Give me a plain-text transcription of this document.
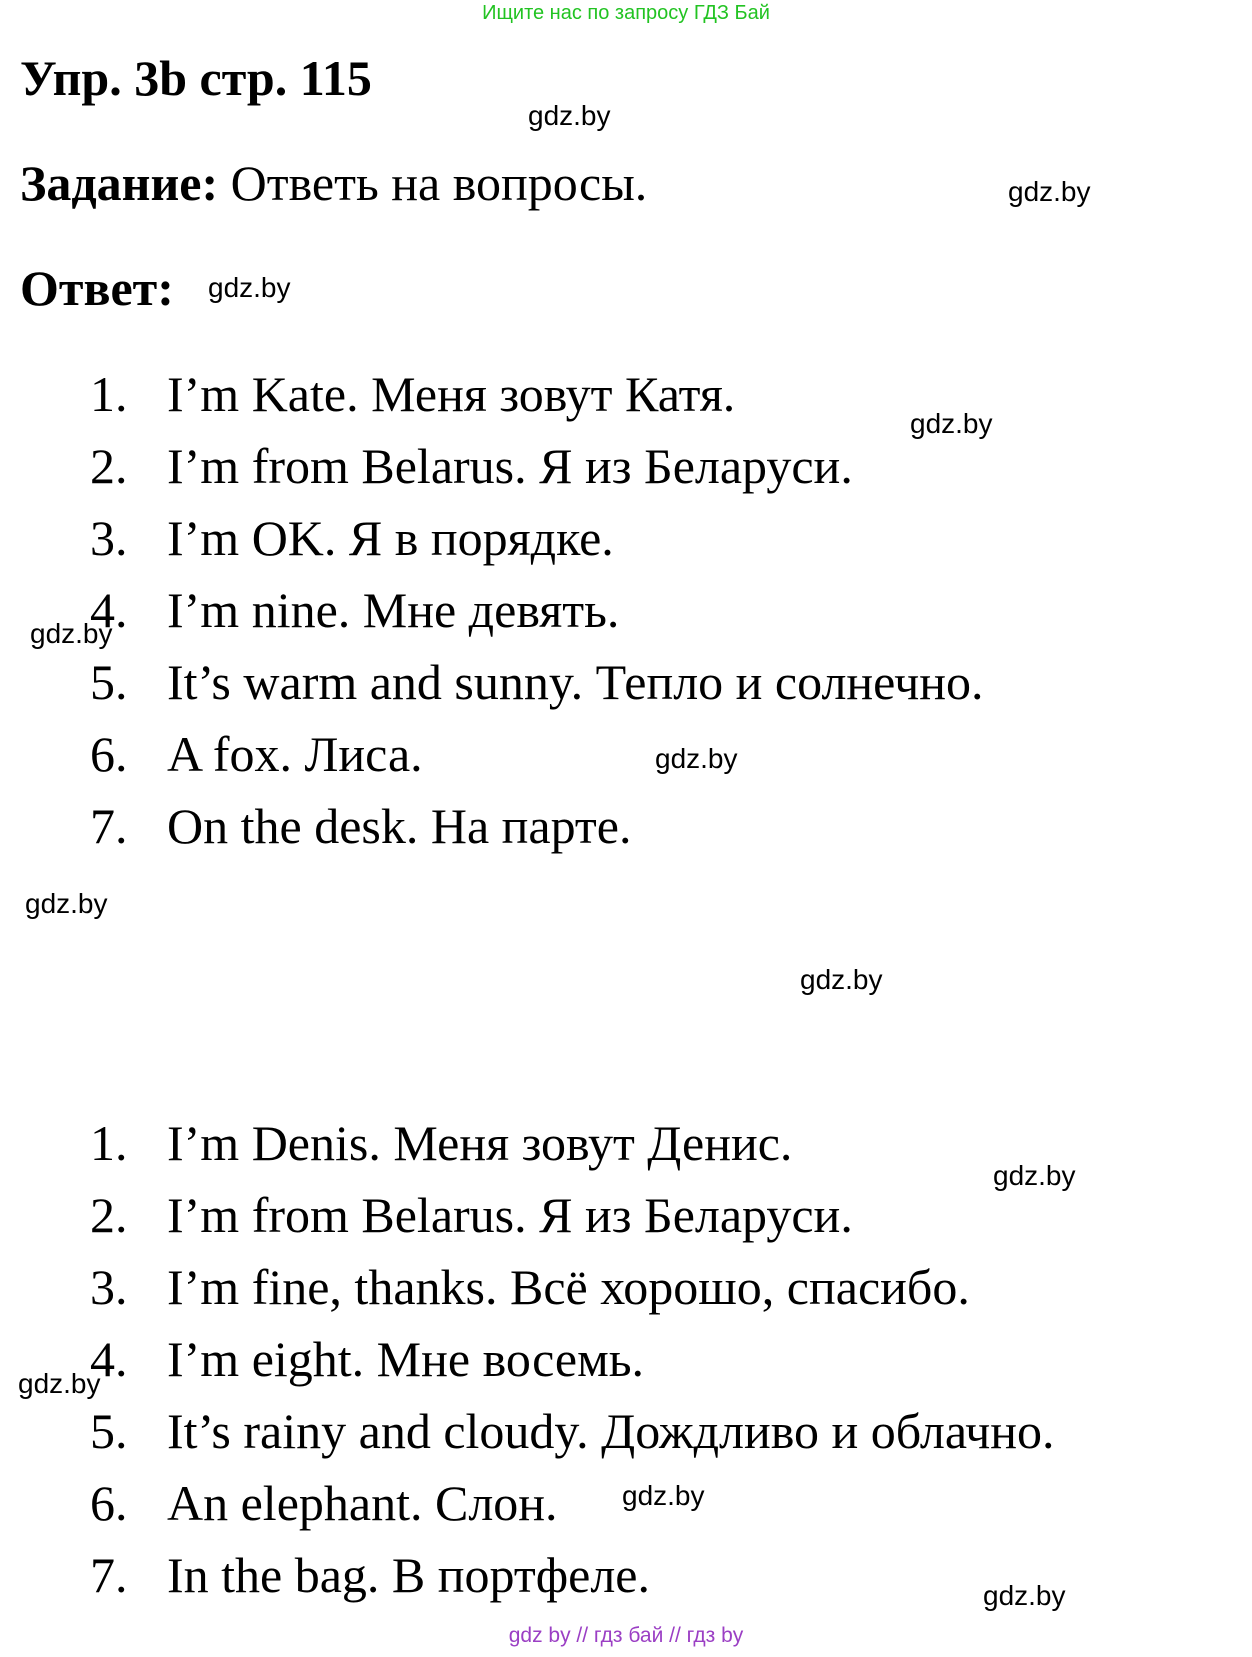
Ищите нас по запросу ГДЗ Бай
Упр. 3b стр. 115
Задание: Ответь на вопросы.
Ответ:
1. I’m Kate. Меня зовут Катя.
2. I’m from Belarus. Я из Беларуси.
3. I’m OK. Я в порядке.
4. I’m nine. Мне девять.
5. It’s warm and sunny. Тепло и солнечно.
6. A fox. Лиса.
7. On the desk. На парте.
1. I’m Denis. Меня зовут Денис.
2. I’m from Belarus. Я из Беларуси.
3. I’m fine, thanks. Всё хорошо, спасибо.
4. I’m eight. Мне восемь.
5. It’s rainy and cloudy. Дождливо и облачно.
6. An elephant. Слон.
7. In the bag. В портфеле.
gdz.by
gdz.by
gdz.by
gdz.by
gdz.by
gdz.by
gdz.by
gdz.by
gdz.by
gdz.by
gdz.by
gdz.by
gdz by // гдз бай // гдз by
